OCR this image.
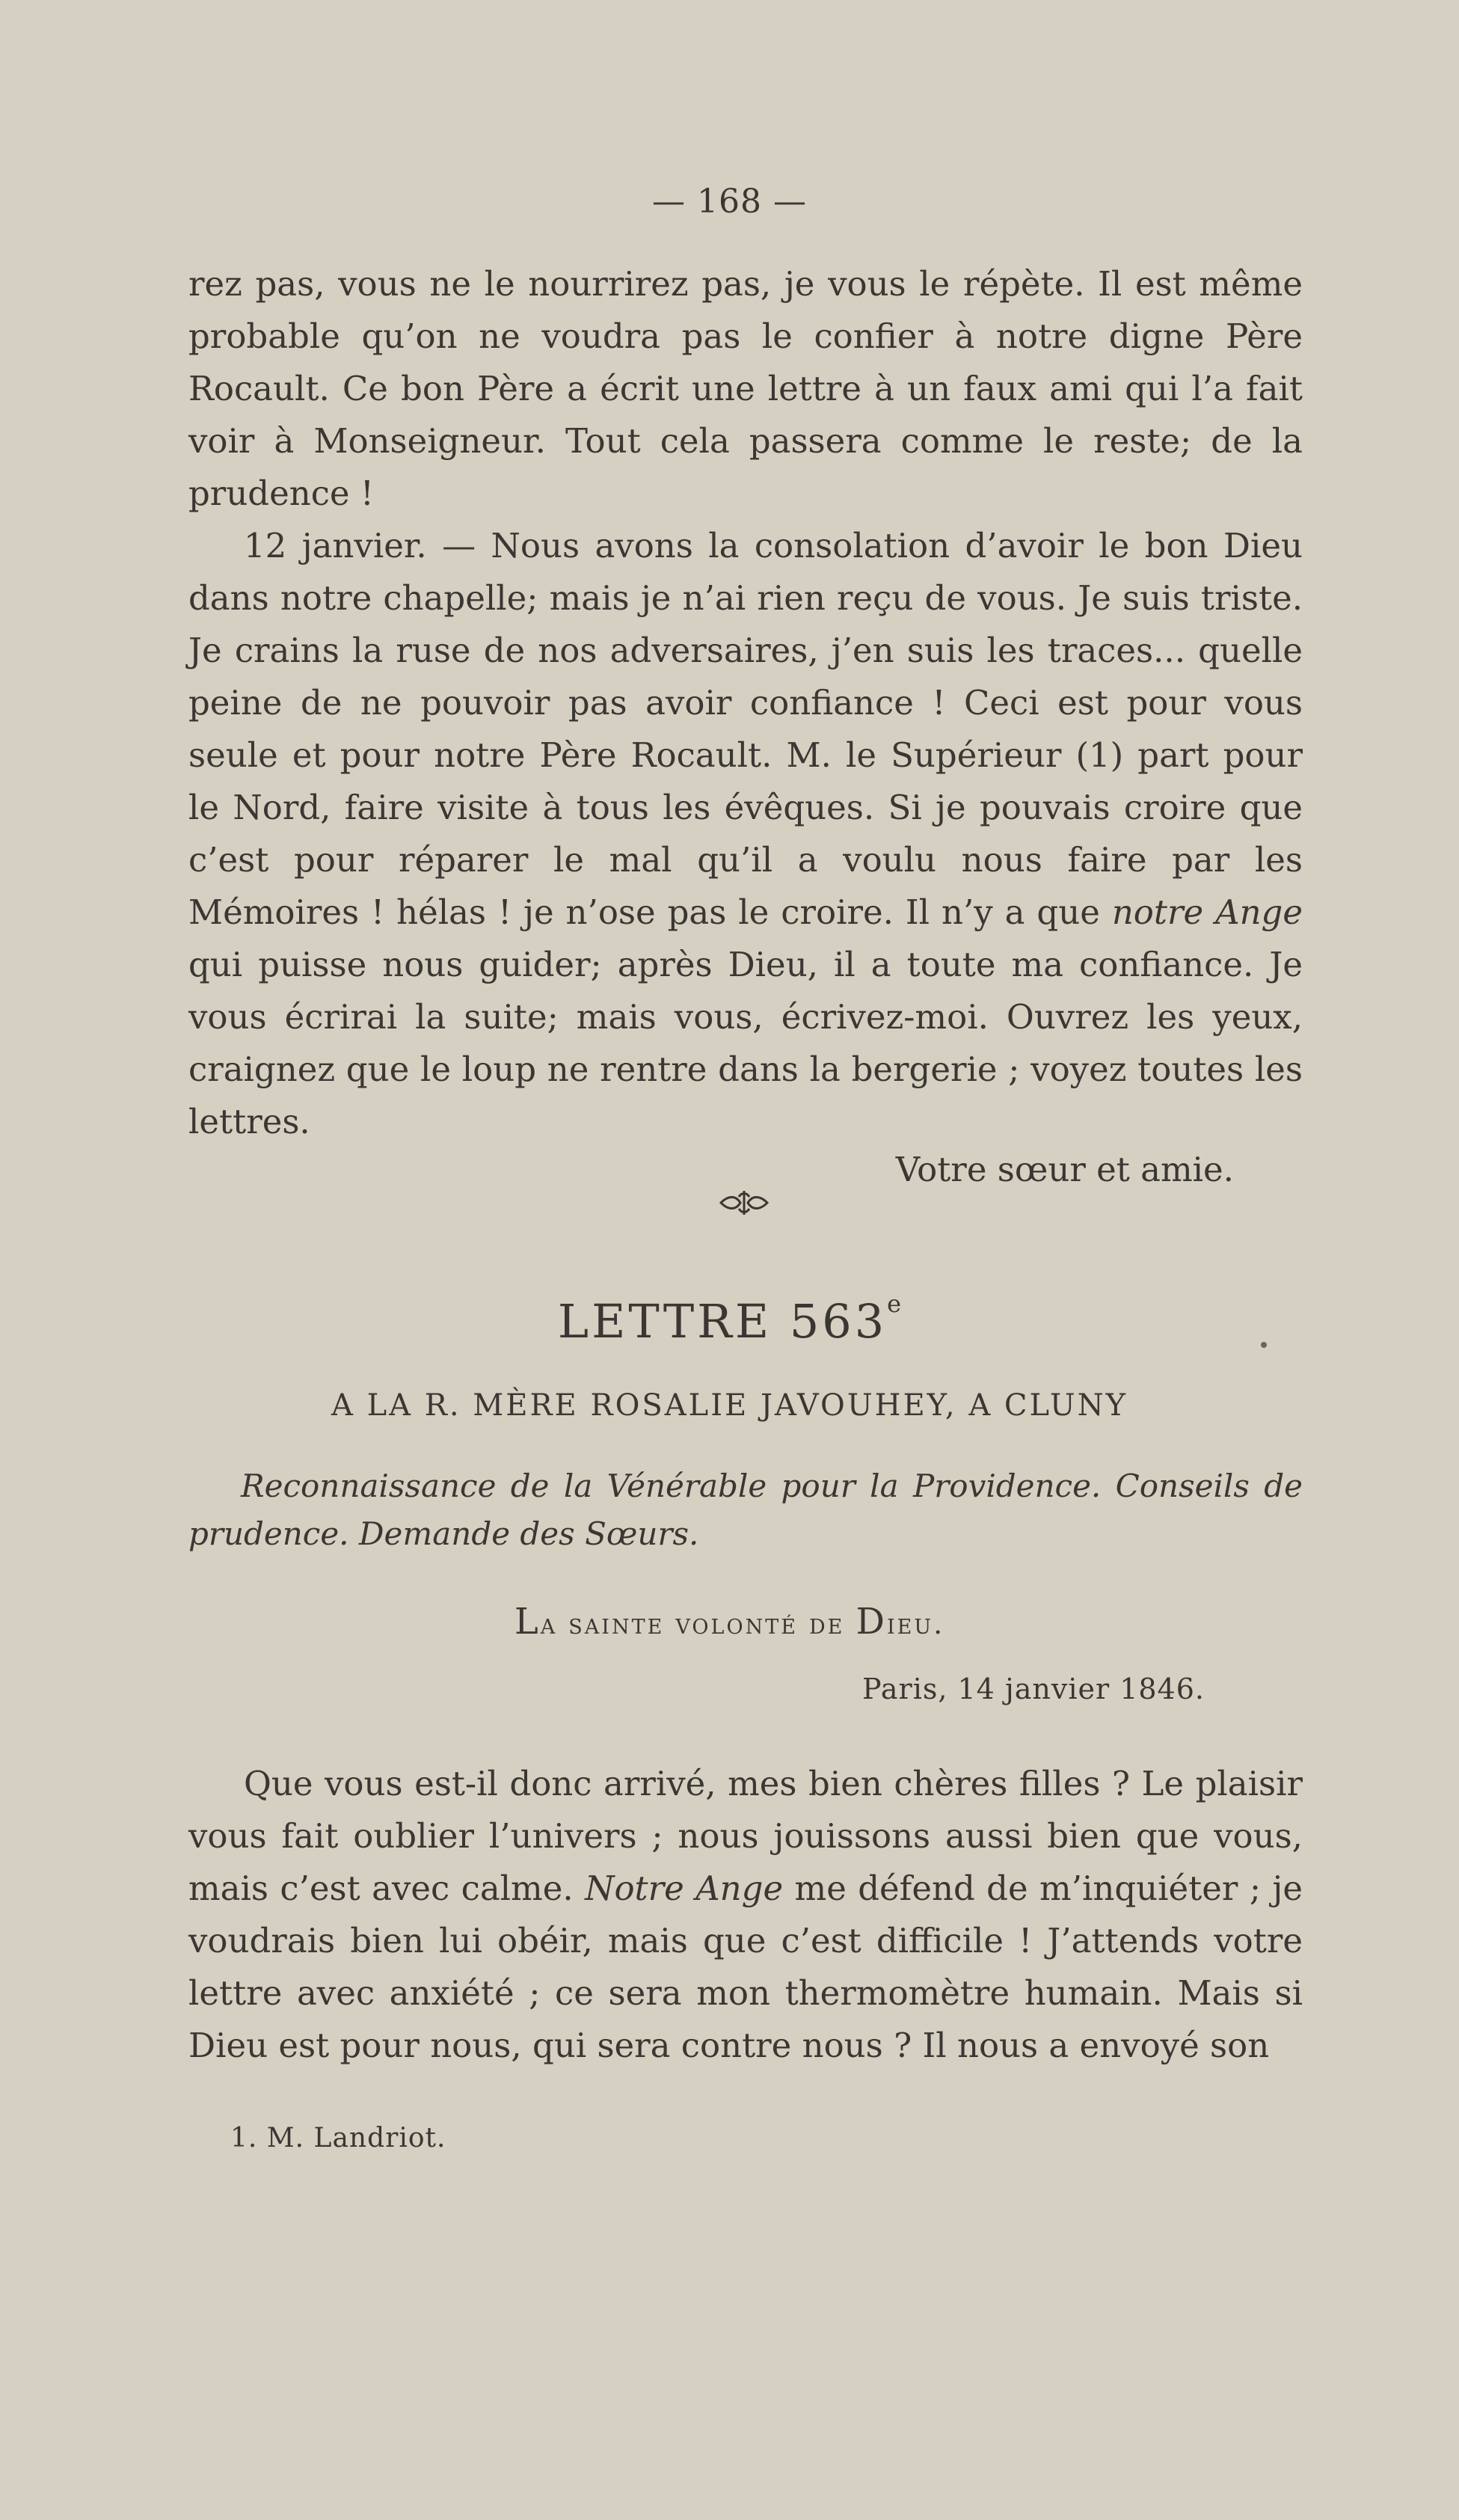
— 168 —

rez pas, vous ne le nourrirez pas, je vous le répète. Il est même probable qu’on ne voudra pas le confier à notre digne Père Rocault. Ce bon Père a écrit une lettre à un faux ami qui l’a fait voir à Monseigneur. Tout cela passera comme le reste; de la prudence !

12 janvier. — Nous avons la consolation d’avoir le bon Dieu dans notre chapelle; mais je n’ai rien reçu de vous. Je suis triste. Je crains la ruse de nos adversaires, j’en suis les traces... quelle peine de ne pouvoir pas avoir confiance ! Ceci est pour vous seule et pour notre Père Rocault. M. le Supérieur (1) part pour le Nord, faire visite à tous les évêques. Si je pouvais croire que c’est pour réparer le mal qu’il a voulu nous faire par les Mémoires ! hélas ! je n’ose pas le croire. Il n’y a que notre Ange qui puisse nous guider; après Dieu, il a toute ma confiance. Je vous écrirai la suite; mais vous, écrivez-moi. Ouvrez les yeux, craignez que le loup ne rentre dans la bergerie ; voyez toutes les lettres.

Votre sœur et amie.

LETTRE 563e
A LA R. MÈRE ROSALIE JAVOUHEY, A CLUNY
Reconnaissance de la Vénérable pour la Providence. Conseils de prudence. Demande des Sœurs.
La sainte volonté de Dieu.
Paris, 14 janvier 1846.

Que vous est-il donc arrivé, mes bien chères filles ? Le plaisir vous fait oublier l’univers ; nous jouissons aussi bien que vous, mais c’est avec calme. Notre Ange me défend de m’inquiéter ; je voudrais bien lui obéir, mais que c’est difficile ! J’attends votre lettre avec anxiété ; ce sera mon thermomètre humain. Mais si Dieu est pour nous, qui sera contre nous ? Il nous a envoyé son

1. M. Landriot.
